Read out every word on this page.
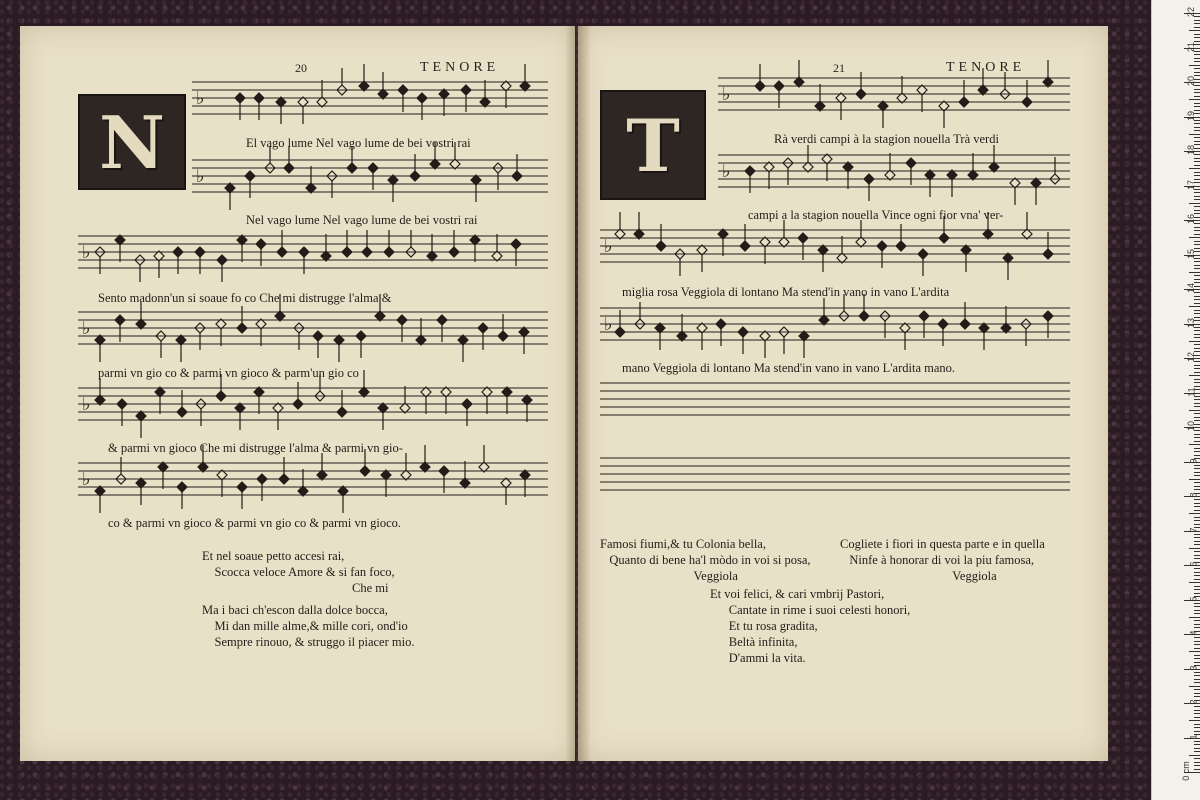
20	TENORE
N	El vago lume Nel vago lume de bei vostri rai
Nel vago lume Nel vago lume de bei vostri rai
Sento madonn'un si soaue fo co Che mi distrugge l'alma &
parmi vn gio co & parmi vn gioco & parm'un gio co
& parmi vn gioco Che mi distrugge l'alma & parmi vn gio-
co & parmi vn gioco & parmi vn gio co & parmi vn gioco.
Et nel soaue petto accesi rai,
Scocca veloce Amore & si fan foco,
Che mi
Ma i baci ch'escon dalla dolce bocca,
Mi dan mille alme,& mille cori, ond'io
Sempre rinouo, & struggo il piacer mio.
21	TENORE
T	Rà verdi campi à la stagion nouella Trà verdi
campi a la stagion nouella Vince ogni fior vna' ver-
miglia rosa Veggiola di lontano Ma stend'in vano in vano L'ardita
mano Veggiola di lontano Ma stend'in vano in vano L'ardita mano.
Famosi fiumi,& tu Colonia bella,
Quanto di bene ha'l mòdo in voi si posa,
Veggiola
Cogliete i fiori in questa parte e in quella
Ninfe à honorar di voi la piu famosa,
Veggiola
Et voi felici, & cari vmbrij Pastori,
Cantate in rime i suoi celesti honori,
Et tu rosa gradita,
Beltà infinita,
D'ammi la vita.
♭
♭
♭
♭
♭
♭
♭
♭
♭
♭
0 cm
1
2
3
4
5
6
7
8
9
10
11
12
13
14
15
16
17
18
19
20
21
22
